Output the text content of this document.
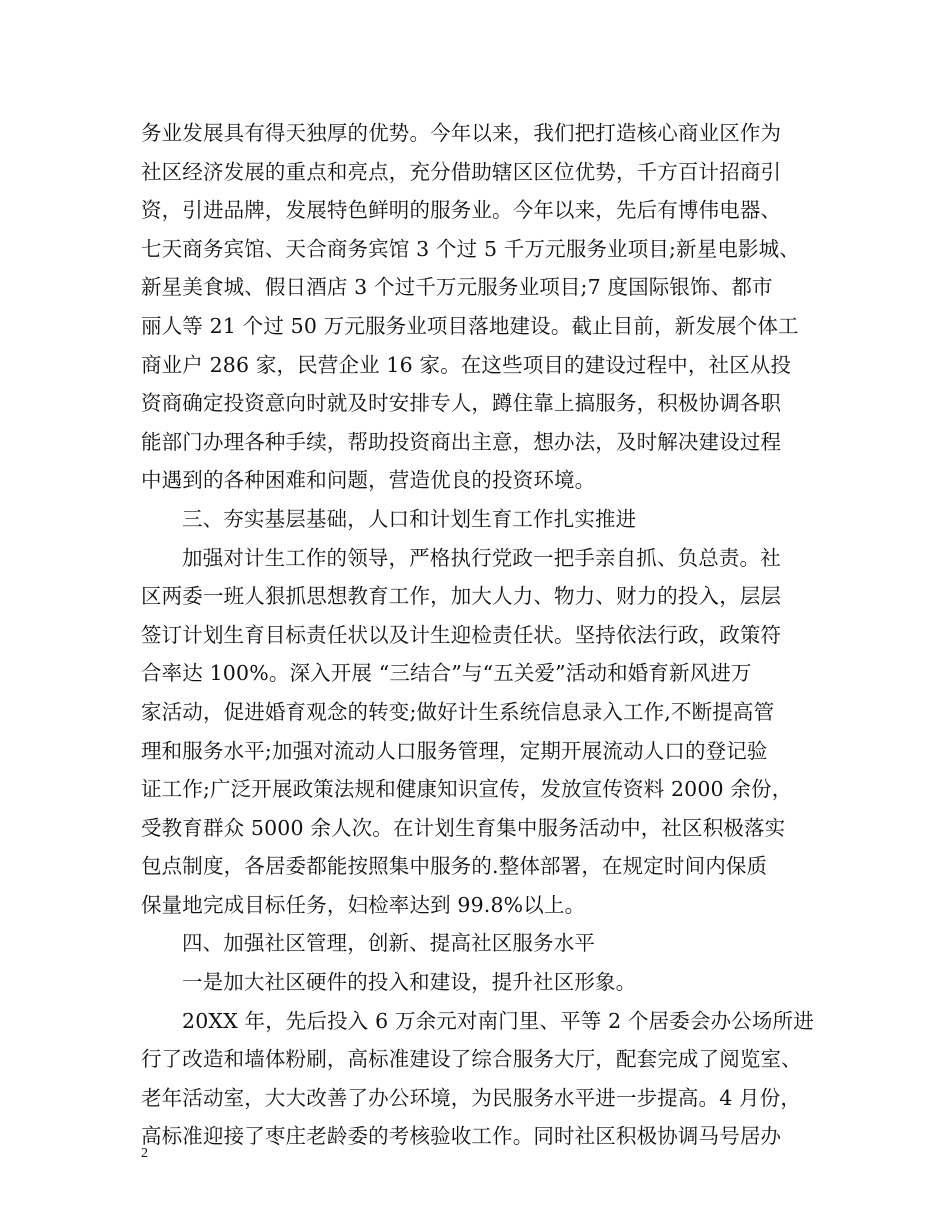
务业发展具有得天独厚的优势。今年以来，我们把打造核心商业区作为
社区经济发展的重点和亮点，充分借助辖区区位优势，千方百计招商引
资，引进品牌，发展特色鲜明的服务业。今年以来，先后有博伟电器、
七天商务宾馆、天合商务宾馆 3 个过 5 千万元服务业项目;新星电影城、
新星美食城、假日酒店 3 个过千万元服务业项目;7 度国际银饰、都市
丽人等 21 个过 50 万元服务业项目落地建设。截止目前，新发展个体工
商业户 286 家，民营企业 16 家。在这些项目的建设过程中，社区从投
资商确定投资意向时就及时安排专人，蹲住靠上搞服务，积极协调各职
能部门办理各种手续，帮助投资商出主意，想办法，及时解决建设过程
中遇到的各种困难和问题，营造优良的投资环境。
三、夯实基层基础，人口和计划生育工作扎实推进
加强对计生工作的领导，严格执行党政一把手亲自抓、负总责。社
区两委一班人狠抓思想教育工作，加大人力、物力、财力的投入，层层
签订计划生育目标责任状以及计生迎检责任状。坚持依法行政，政策符
合率达 100%。深入开展 “三结合”与“五关爱”活动和婚育新风进万
家活动，促进婚育观念的转变;做好计生系统信息录入工作,不断提高管
理和服务水平;加强对流动人口服务管理，定期开展流动人口的登记验
证工作;广泛开展政策法规和健康知识宣传，发放宣传资料 2000 余份，
受教育群众 5000 余人次。在计划生育集中服务活动中，社区积极落实
包点制度，各居委都能按照集中服务的.整体部署，在规定时间内保质
保量地完成目标任务，妇检率达到 99.8%以上。
四、加强社区管理，创新、提高社区服务水平
一是加大社区硬件的投入和建设，提升社区形象。
20XX 年，先后投入 6 万余元对南门里、平等 2 个居委会办公场所进
行了改造和墙体粉刷，高标准建设了综合服务大厅，配套完成了阅览室、
老年活动室，大大改善了办公环境，为民服务水平进一步提高。4 月份，
高标准迎接了枣庄老龄委的考核验收工作。同时社区积极协调马号居办
2
